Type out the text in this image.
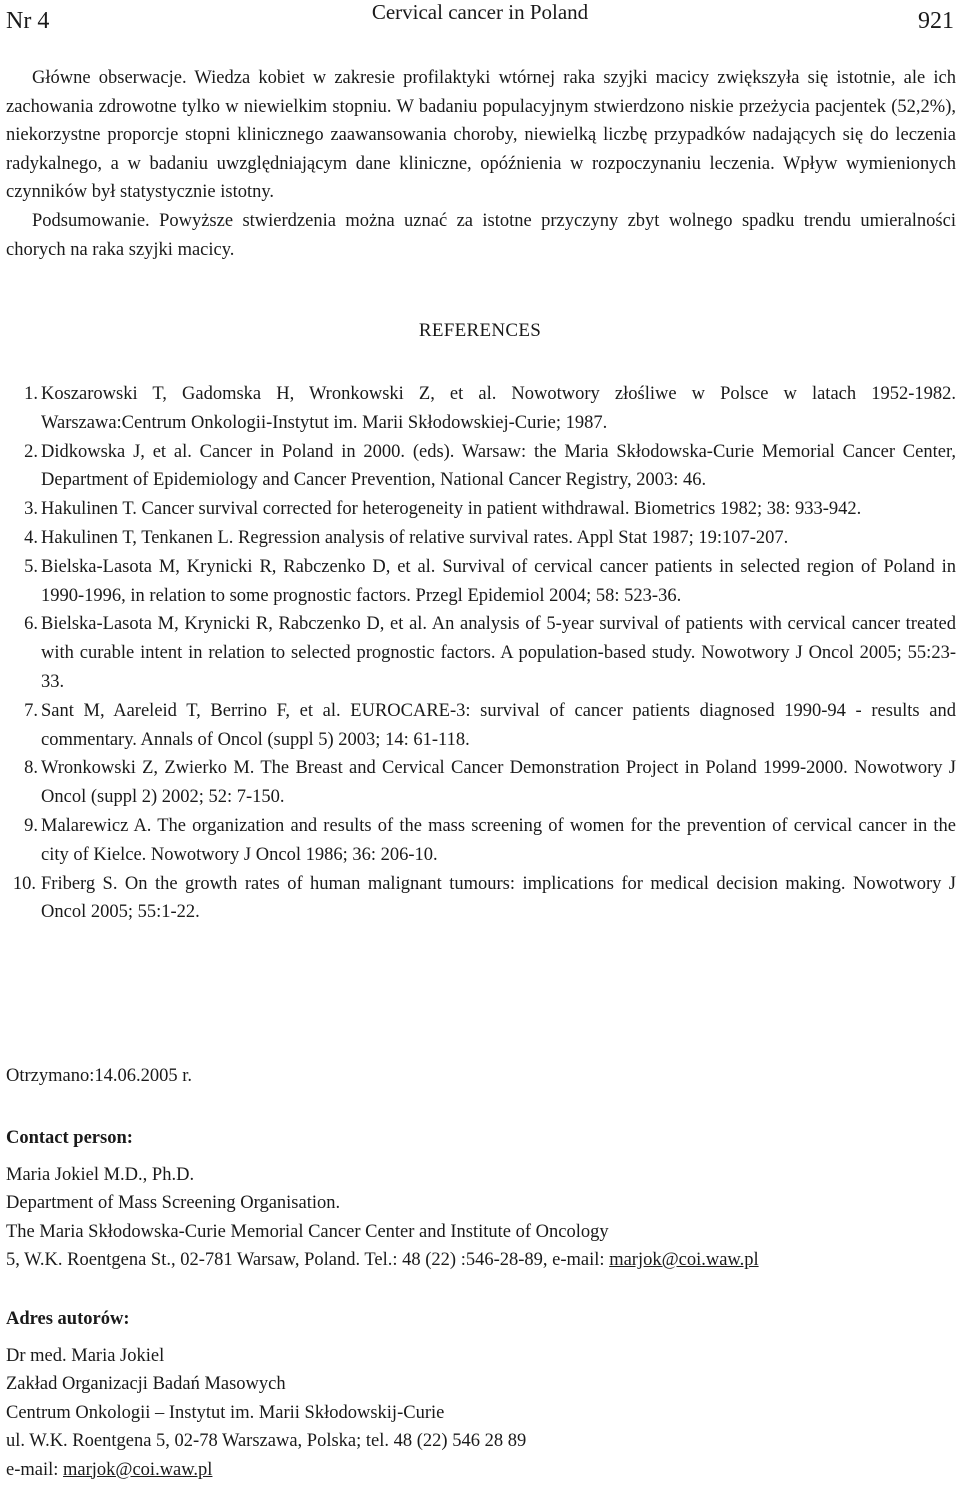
Nr 4	Cervical cancer in Poland	921

Główne obserwacje. Wiedza kobiet w zakresie profilaktyki wtórnej raka szyjki macicy zwiększyła się istotnie, ale ich zachowania zdrowotne tylko w niewielkim stopniu. W badaniu populacyjnym stwierdzono niskie przeżycia pacjentek (52,2%), niekorzystne proporcje stopni klinicznego zaawansowania choroby, niewielką liczbę przypadków nadających się do leczenia radykalnego, a w badaniu uwzględniającym dane kliniczne, opóźnienia w rozpoczynaniu leczenia. Wpływ wymienionych czynników był statystycznie istotny.

Podsumowanie. Powyższe stwierdzenia można uznać za istotne przyczyny zbyt wolnego spadku trendu umieralności chorych na raka szyjki macicy.

REFERENCES
1. Koszarowski T, Gadomska H, Wronkowski Z, et al. Nowotwory złośliwe w Polsce w latach 1952-1982. Warszawa:Centrum Onkologii-Instytut im. Marii Skłodowskiej-Curie; 1987.
2. Didkowska J, et al. Cancer in Poland in 2000. (eds). Warsaw: the Maria Skłodowska-Curie Memorial Cancer Center, Department of Epidemiology and Cancer Prevention, National Cancer Registry, 2003: 46.
3. Hakulinen T. Cancer survival corrected for heterogeneity in patient withdrawal. Biometrics 1982; 38: 933-942.
4. Hakulinen T, Tenkanen L. Regression analysis of relative survival rates. Appl Stat 1987; 19:107-207.
5. Bielska-Lasota M, Krynicki R, Rabczenko D, et al. Survival of cervical cancer patients in selected region of Poland in 1990-1996, in relation to some prognostic factors. Przegl Epidemiol 2004; 58: 523-36.
6. Bielska-Lasota M, Krynicki R, Rabczenko D, et al. An analysis of 5-year survival of patients with cervical cancer treated with curable intent in relation to selected prognostic factors. A population-based study. Nowotwory J Oncol 2005; 55:23-33.
7. Sant M, Aareleid T, Berrino F, et al. EUROCARE-3: survival of cancer patients diagnosed 1990-94 - results and commentary. Annals of Oncol (suppl 5) 2003; 14: 61-118.
8. Wronkowski Z, Zwierko M. The Breast and Cervical Cancer Demonstration Project in Poland 1999-2000. Nowotwory J Oncol (suppl 2) 2002; 52: 7-150.
9. Malarewicz A. The organization and results of the mass screening of women for the prevention of cervical cancer in the city of Kielce. Nowotwory J Oncol 1986; 36: 206-10.
10. Friberg S. On the growth rates of human malignant tumours: implications for medical decision making. Nowotwory J Oncol 2005; 55:1-22.
Otrzymano:14.06.2005 r.
Contact person:
Maria Jokiel M.D., Ph.D.
Department of Mass Screening Organisation.
The Maria Skłodowska-Curie Memorial Cancer Center and Institute of Oncology
5, W.K. Roentgena St., 02-781 Warsaw, Poland. Tel.: 48 (22) :546-28-89, e-mail: marjok@coi.waw.pl
Adres autorów:
Dr med. Maria Jokiel
Zakład Organizacji Badań Masowych
Centrum Onkologii – Instytut im. Marii Skłodowskij-Curie
ul. W.K. Roentgena 5, 02-78 Warszawa, Polska; tel. 48 (22) 546 28 89
e-mail: marjok@coi.waw.pl
